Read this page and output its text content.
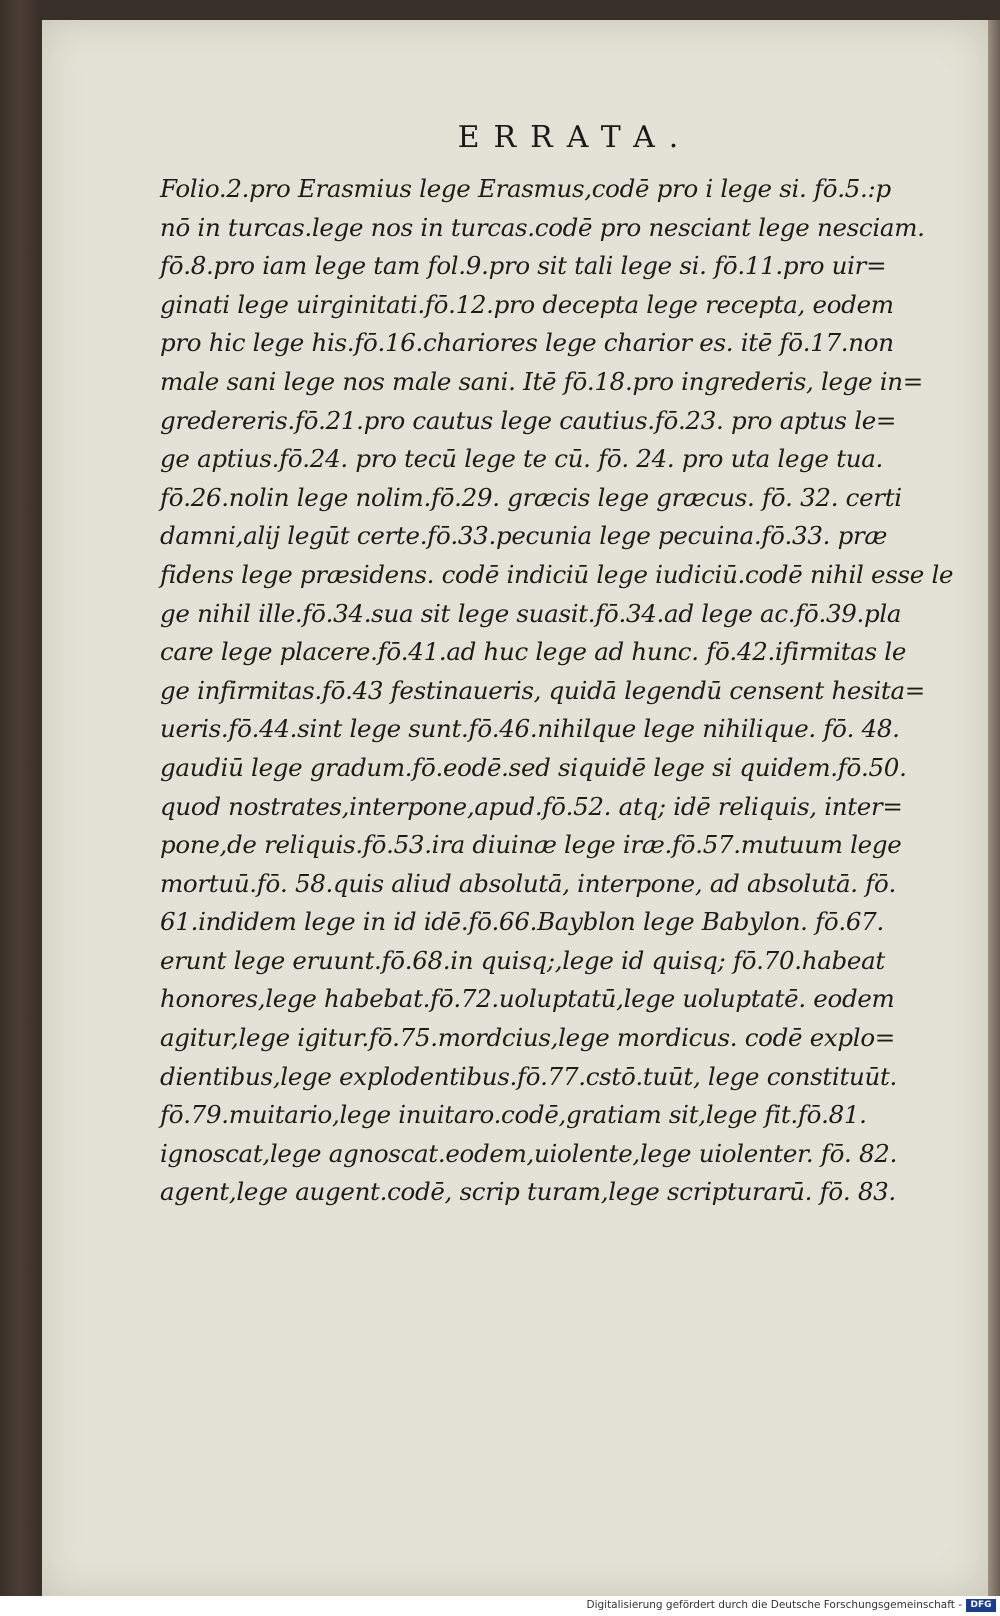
ERRATA.
Folio.2.pro Erasmius lege Erasmus,codē pro i lege si. fō.5.:p
nō in turcas.lege nos in turcas.codē pro nesciant lege nesciam.
fō.8.pro iam lege tam fol.9.pro sit tali lege si. fō.11.pro uir=
ginati lege uirginitati.fō.12.pro decepta lege recepta, eodem
pro hic lege his.fō.16.chariores lege charior es. itē fō.17.non
male sani lege nos male sani. Itē fō.18.pro ingrederis, lege in=
gredereris.fō.21.pro cautus lege cautius.fō.23. pro aptus le=
ge aptius.fō.24. pro tecū lege te cū. fō. 24. pro uta lege tua.
fō.26.nolin lege nolim.fō.29. græcis lege græcus. fō. 32. certi
damni,alij legūt certe.fō.33.pecunia lege pecuina.fō.33. præ
fidens lege præsidens. codē indiciū lege iudiciū.codē nihil esse le
ge nihil ille.fō.34.sua sit lege suasit.fō.34.ad lege ac.fō.39.pla
care lege placere.fō.41.ad huc lege ad hunc. fō.42.ifirmitas le
ge infirmitas.fō.43 festinaueris, quidā legendū censent hesita=
ueris.fō.44.sint lege sunt.fō.46.nihilque lege nihilique. fō. 48.
gaudiū lege gradum.fō.eodē.sed siquidē lege si quidem.fō.50.
quod nostrates,interpone,apud.fō.52. atq; idē reliquis, inter=
pone,de reliquis.fō.53.ira diuinæ lege iræ.fō.57.mutuum lege
mortuū.fō. 58.quis aliud absolutā, interpone, ad absolutā. fō.
61.indidem lege in id idē.fō.66.Bayblon lege Babylon. fō.67.
erunt lege eruunt.fō.68.in quisq;,lege id quisq; fō.70.habeat
honores,lege habebat.fō.72.uoluptatū,lege uoluptatē. eodem
agitur,lege igitur.fō.75.mordcius,lege mordicus. codē explo=
dientibus,lege explodentibus.fō.77.cstō.tuūt, lege constituūt.
fō.79.muitario,lege inuitaro.codē,gratiam sit,lege fit.fō.81.
ignoscat,lege agnoscat.eodem,uiolente,lege uiolenter. fō. 82.
agent,lege augent.codē, scrip turam,lege scripturarū. fō. 83.
Digitalisierung gefördert durch die Deutsche Forschungsgemeinschaft - DFG
